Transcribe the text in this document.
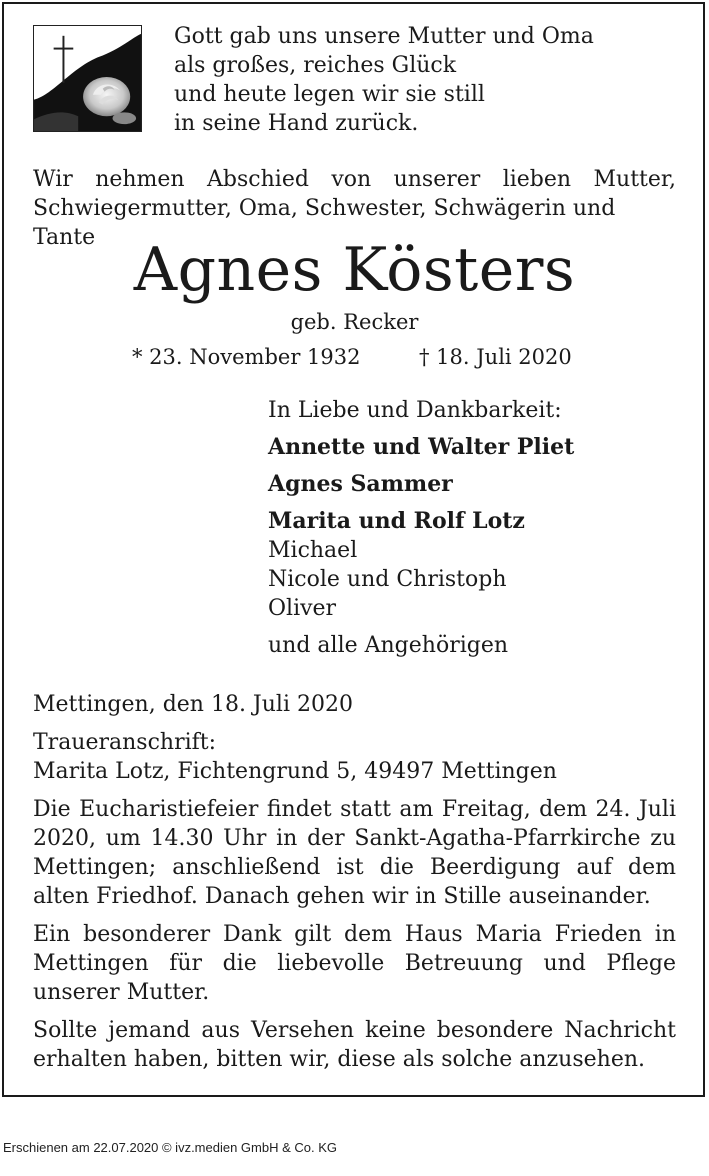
Gott gab uns unsere Mutter und Oma
als großes, reiches Glück
und heute legen wir sie still
in seine Hand zurück.
Wir nehmen Abschied von unserer lieben Mutter,
Schwiegermutter, Oma, Schwester, Schwägerin und Tante Agnes Kösters
geb. Recker
* 23. November 1932	† 18. Juli 2020
In Liebe und Dankbarkeit:
Annette und Walter Pliet
Agnes Sammer
Marita und Rolf Lotz
Michael
Nicole und Christoph
Oliver
und alle Angehörigen

Mettingen, den 18. Juli 2020

Traueranschrift:
Marita Lotz, Fichtengrund 5, 49497 Mettingen

Die Eucharistiefeier findet statt am Freitag, dem 24. Juli 2020, um 14.30 Uhr in der Sankt-Agatha-Pfarrkirche zu Mettingen; anschließend ist die Beerdigung auf dem alten Friedhof. Danach gehen wir in Stille auseinander.

Ein besonderer Dank gilt dem Haus Maria Frieden in Mettingen für die liebevolle Betreuung und Pflege unserer Mutter.

Sollte jemand aus Versehen keine besondere Nachricht erhalten haben, bitten wir, diese als solche anzusehen.

Erschienen am 22.07.2020 © ivz.medien GmbH & Co. KG
